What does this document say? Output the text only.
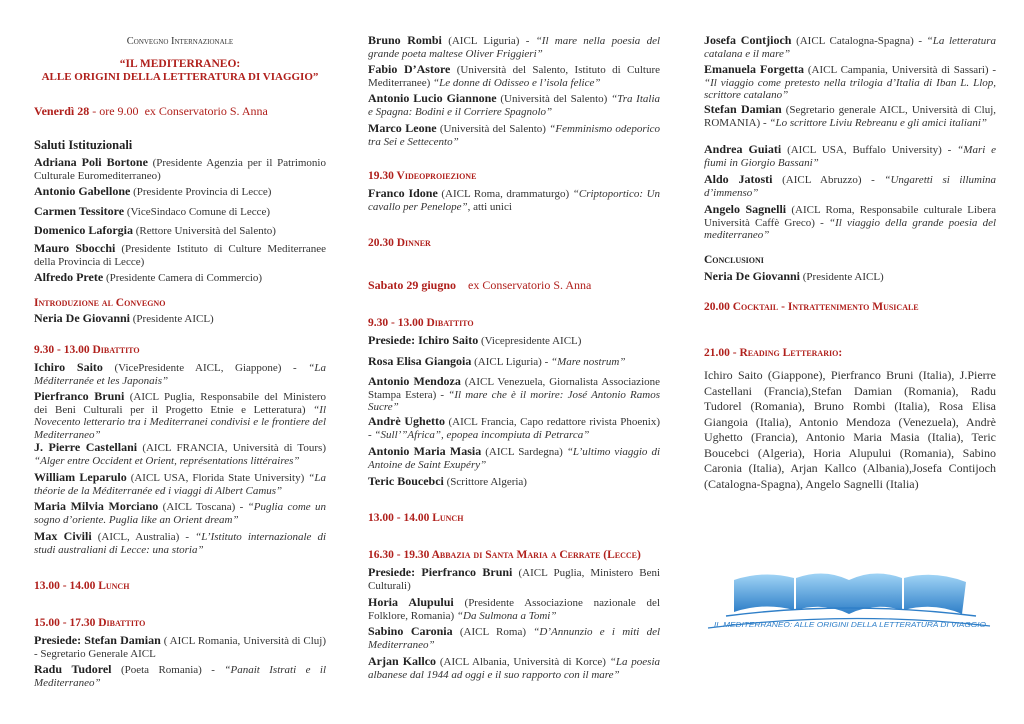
Convegno Internazionale
“IL MEDITERRANEO:
ALLE ORIGINI DELLA LETTERATURA DI VIAGGIO”
Venerdì 28 - ore 9.00 ex Conservatorio S. Anna
Saluti Istituzionali
Adriana Poli Bortone (Presidente Agenzia per il Patrimonio Culturale Euromediterraneo)
Antonio Gabellone (Presidente Provincia di Lecce)
Carmen Tessitore (ViceSindaco Comune di Lecce)
Domenico Laforgia (Rettore Università del Salento)
Mauro Sbocchi (Presidente Istituto di Culture Mediterranee della Provincia di Lecce)
Alfredo Prete (Presidente Camera di Commercio)
Introduzione al Convegno
Neria De Giovanni (Presidente AICL)
9.30 - 13.00 Dibattito
Ichiro Saito (VicePresidente AICL, Giappone) - “La Méditerranée et les Japonais”
Pierfranco Bruni (AICL Puglia, Responsabile del Ministero dei Beni Culturali per il Progetto Etnie e Letteratura) “Il Novecento letterario tra i Mediterranei condivisi e le frontiere del Mediterraneo”
J. Pierre Castellani (AICL FRANCIA, Università di Tours) “Alger entre Occident et Orient, représentations littéraires”
William Leparulo (AICL USA, Florida State University) “La théorie de la Méditerranée ed i viaggi di Albert Camus”
Maria Milvia Morciano (AICL Toscana) - “Puglia come un sogno d’oriente. Puglia like an Orient dream”
Max Civili (AICL, Australia) - “L’Istituto internazionale di studi australiani di Lecce: una storia”
13.00 - 14.00 Lunch
15.00 - 17.30 Dibattito
Presiede: Stefan Damian ( AICL Romania, Università di Cluj) - Segretario Generale AICL
Radu Tudorel (Poeta Romania) - “Panait Istrati e il Mediterraneo”
Bruno Rombi (AICL Liguria) - “Il mare nella poesia del grande poeta maltese Oliver Friggieri”
Fabio D’Astore (Università del Salento, Istituto di Culture Mediterranee) “Le donne di Odisseo e l’isola felice”
Antonio Lucio Giannone (Università del Salento) “Tra Italia e Spagna: Bodini e il Corriere Spagnolo”
Marco Leone (Università del Salento) “Femminismo odeporico tra Sei e Settecento”
19.30 Videoproiezione
Franco Idone (AICL Roma, drammaturgo) “Criptoportico: Un cavallo per Penelope”, atti unici
20.30 Dinner
Sabato 29 giugno ex Conservatorio S. Anna
9.30 - 13.00 Dibattito
Presiede: Ichiro Saito (Vicepresidente AICL)
Rosa Elisa Giangoia (AICL Liguria) - “Mare nostrum”
Antonio Mendoza (AICL Venezuela, Giornalista Associazione Stampa Estera) - “Il mare che è il morire: José Antonio Ramos Sucre”
Andrè Ughetto (AICL Francia, Capo redattore rivista Phoenix) - “Sull’”Africa”, epopea incompiuta di Petrarca”
Antonio Maria Masia (AICL Sardegna) “L’ultimo viaggio di Antoine de Saint Exupéry”
Teric Boucebci (Scrittore Algeria)
13.00 - 14.00 Lunch
16.30 - 19.30 Abbazia di Santa Maria a Cerrate (Lecce)
Presiede: Pierfranco Bruni (AICL Puglia, Ministero Beni Culturali)
Horia Alupului (Presidente Associazione nazionale del Folklore, Romania) “Da Sulmona a Tomi”
Sabino Caronia (AICL Roma) “D’Annunzio e i miti del Mediterraneo”
Arjan Kallco (AICL Albania, Università di Korce) “La poesia albanese dal 1944 ad oggi e il suo rapporto con il mare”
Josefa Contjioch (AICL Catalogna-Spagna) - “La letteratura catalana e il mare”
Emanuela Forgetta (AICL Campania, Università di Sassari) - “Il viaggio come pretesto nella trilogia d’Italia di Iban L. Llop, scrittore catalano”
Stefan Damian (Segretario generale AICL, Università di Cluj, ROMANIA) - “Lo scrittore Liviu Rebreanu e gli amici italiani”
Andrea Guiati (AICL USA, Buffalo University) - “Mari e fiumi in Giorgio Bassani”
Aldo Jatosti (AICL Abruzzo) - “Ungaretti si illumina d’immenso”
Angelo Sagnelli (AICL Roma, Responsabile culturale Libera Università Caffè Greco) - “Il viaggio della grande poesia del mediterraneo”
Conclusioni
Neria De Giovanni (Presidente AICL)
20.00 Cocktail - Intrattenimento Musicale
21.00 - Reading Letterario:
Ichiro Saito (Giappone), Pierfranco Bruni (Italia), J.Pierre Castellani (Francia),Stefan Damian (Romania), Radu Tudorel (Romania), Bruno Rombi (Italia), Rosa Elisa Giangoia (Italia), Antonio Mendoza (Venezuela), Andrè Ughetto (Francia), Antonio Maria Masia (Italia), Teric Boucebci (Algeria), Horia Alupului (Romania), Sabino Caronia (Italia), Arjan Kallco (Albania),Josefa Contijoch (Catalogna-Spagna), Angelo Sagnelli (Italia)
IL MEDITERRANEO: ALLE ORIGINI DELLA LETTERATURA DI VIAGGIO
